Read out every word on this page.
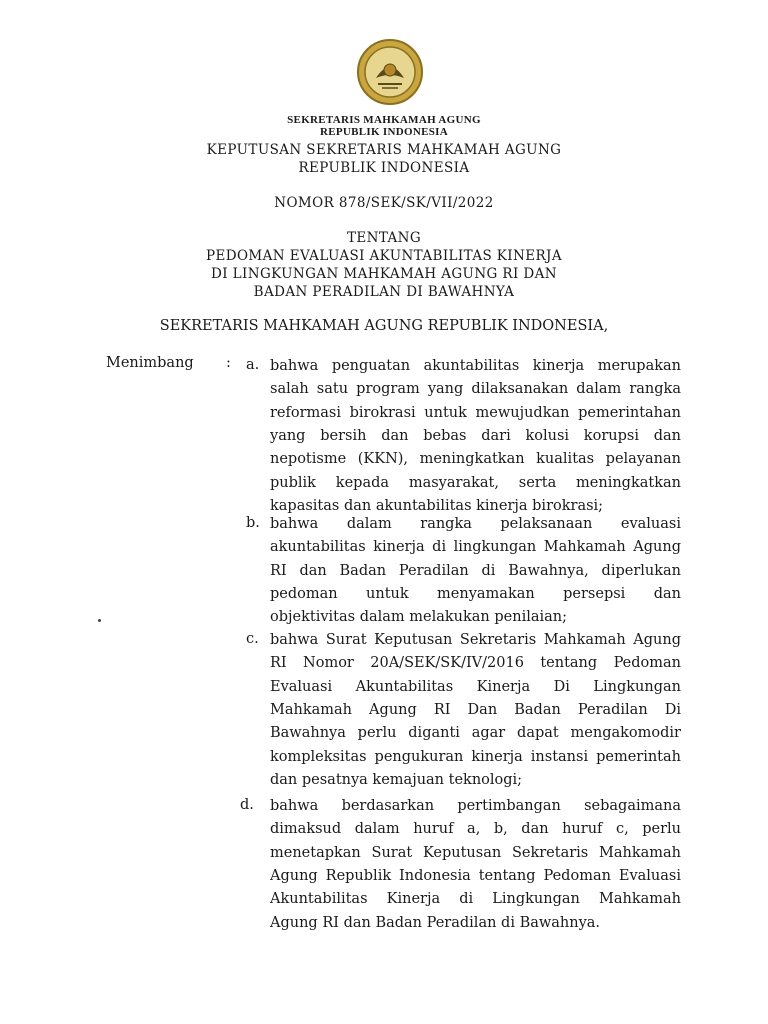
SEKRETARIS MAHKAMAH AGUNG
REPUBLIK INDONESIA
KEPUTUSAN SEKRETARIS MAHKAMAH AGUNG
REPUBLIK INDONESIA
NOMOR 878/SEK/SK/VII/2022
TENTANG
PEDOMAN EVALUASI AKUNTABILITAS KINERJA
DI LINGKUNGAN MAHKAMAH AGUNG RI DAN
BADAN PERADILAN DI BAWAHNYA
SEKRETARIS MAHKAMAH AGUNG REPUBLIK INDONESIA,
Menimbang : a. bahwa penguatan akuntabilitas kinerja merupakan
salah satu program yang dilaksanakan dalam rangka
reformasi birokrasi untuk mewujudkan pemerintahan
yang bersih dan bebas dari kolusi korupsi dan
nepotisme (KKN), meningkatkan kualitas pelayanan
publik kepada masyarakat, serta meningkatkan
kapasitas dan akuntabilitas kinerja birokrasi;
b. bahwa dalam rangka pelaksanaan evaluasi
akuntabilitas kinerja di lingkungan Mahkamah Agung
RI dan Badan Peradilan di Bawahnya, diperlukan
pedoman untuk menyamakan persepsi dan
objektivitas dalam melakukan penilaian;
c. bahwa Surat Keputusan Sekretaris Mahkamah Agung
RI Nomor 20A/SEK/SK/IV/2016 tentang Pedoman
Evaluasi Akuntabilitas Kinerja Di Lingkungan
Mahkamah Agung RI Dan Badan Peradilan Di
Bawahnya perlu diganti agar dapat mengakomodir
kompleksitas pengukuran kinerja instansi pemerintah
dan pesatnya kemajuan teknologi;
d. bahwa berdasarkan pertimbangan sebagaimana
dimaksud dalam huruf a, b, dan huruf c, perlu
menetapkan Surat Keputusan Sekretaris Mahkamah
Agung Republik Indonesia tentang Pedoman Evaluasi
Akuntabilitas Kinerja di Lingkungan Mahkamah
Agung RI dan Badan Peradilan di Bawahnya.
